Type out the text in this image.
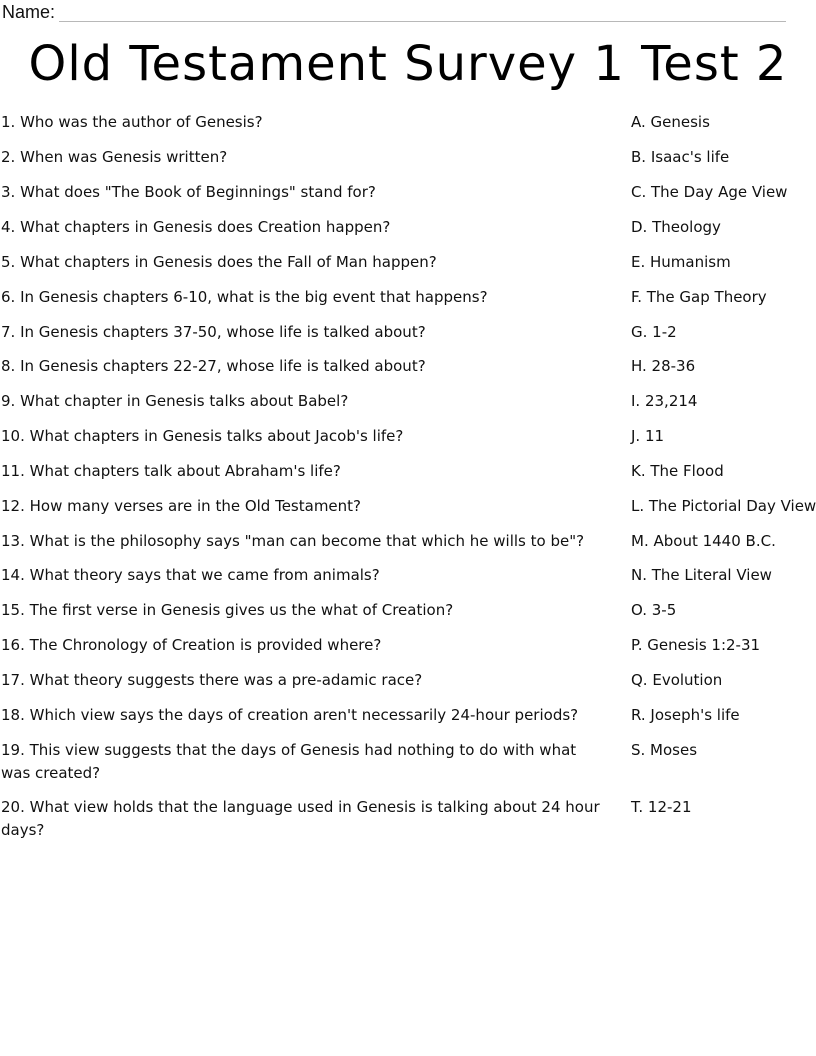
Name:
Old Testament Survey 1 Test 2
1. Who was the author of Genesis?
2. When was Genesis written?
3. What does "The Book of Beginnings" stand for?
4. What chapters in Genesis does Creation happen?
5. What chapters in Genesis does the Fall of Man happen?
6. In Genesis chapters 6-10, what is the big event that happens?
7. In Genesis chapters 37-50, whose life is talked about?
8. In Genesis chapters 22-27, whose life is talked about?
9. What chapter in Genesis talks about Babel?
10. What chapters in Genesis talks about Jacob's life?
11. What chapters talk about Abraham's life?
12. How many verses are in the Old Testament?
13. What is the philosophy says "man can become that which he wills to be"?
14. What theory says that we came from animals?
15. The first verse in Genesis gives us the what of Creation?
16. The Chronology of Creation is provided where?
17. What theory suggests there was a pre-adamic race?
18. Which view says the days of creation aren't necessarily 24-hour periods?
19. This view suggests that the days of Genesis had nothing to do with what was created?
20. What view holds that the language used in Genesis is talking about 24 hour days?
A. Genesis
B. Isaac's life
C. The Day Age View
D. Theology
E. Humanism
F. The Gap Theory
G. 1-2
H. 28-36
I. 23,214
J. 11
K. The Flood
L. The Pictorial Day View
M. About 1440 B.C.
N. The Literal View
O. 3-5
P. Genesis 1:2-31
Q. Evolution
R. Joseph's life
S. Moses
T. 12-21
